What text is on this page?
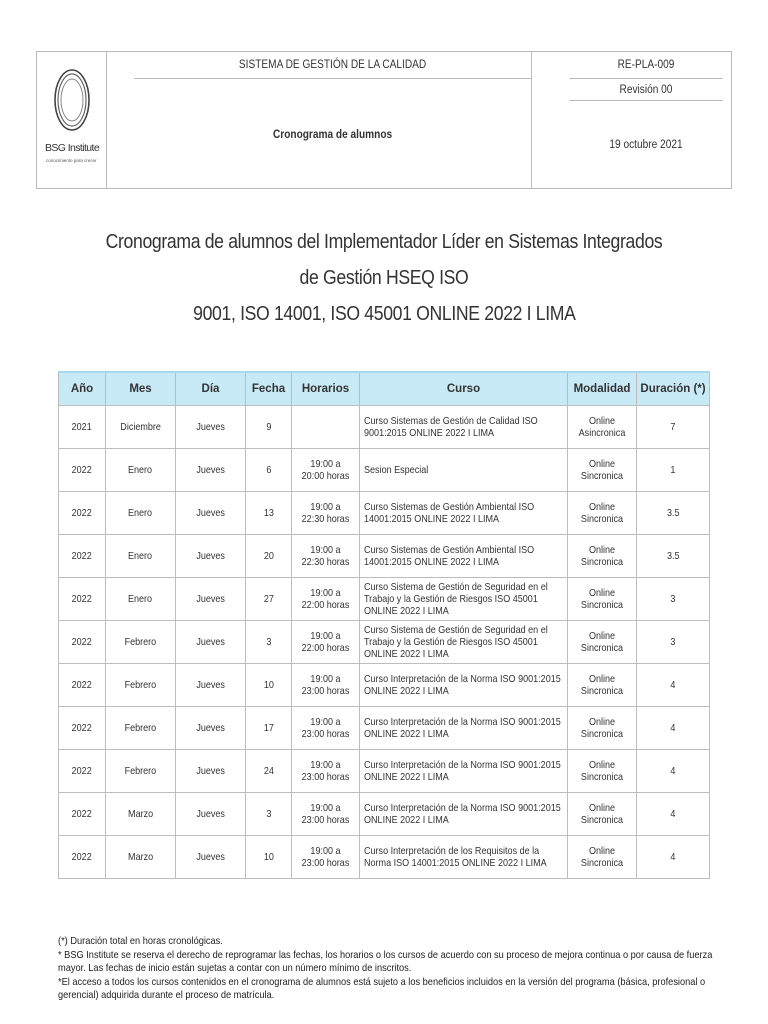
BSG Institute
conocimiento para crecer
SISTEMA DE GESTIÓN DE LA CALIDAD	RE-PLA-009
Cronograma de alumnos
Revisión 00
19 octubre 2021
Cronograma de alumnos del Implementador Líder en Sistemas Integrados de Gestión HSEQ ISO
9001, ISO 14001, ISO 45001 ONLINE 2022 I LIMA
Año	Mes	Día	Fecha	Horarios	Curso	Modalidad	Duración (*)
2021	Diciembre	Jueves	9		Curso Sistemas de Gestión de Calidad ISO 9001:2015 ONLINE 2022 I LIMA	Online Asincronica	7
2022	Enero	Jueves	6	19:00 a 20:00 horas	Sesion Especial	Online Sincronica	1
2022	Enero	Jueves	13	19:00 a 22:30 horas	Curso Sistemas de Gestión Ambiental ISO 14001:2015 ONLINE 2022 I LIMA	Online Sincronica	3.5
2022	Enero	Jueves	20	19:00 a 22:30 horas	Curso Sistemas de Gestión Ambiental ISO 14001:2015 ONLINE 2022 I LIMA	Online Sincronica	3.5
2022	Enero	Jueves	27	19:00 a 22:00 horas	Curso Sistema de Gestión de Seguridad en el Trabajo y la Gestión de Riesgos ISO 45001 ONLINE 2022 I LIMA	Online Sincronica	3
2022	Febrero	Jueves	3	19:00 a 22:00 horas	Curso Sistema de Gestión de Seguridad en el Trabajo y la Gestión de Riesgos ISO 45001 ONLINE 2022 I LIMA	Online Sincronica	3
2022	Febrero	Jueves	10	19:00 a 23:00 horas	Curso Interpretación de la Norma ISO 9001:2015 ONLINE 2022 I LIMA	Online Sincronica	4
2022	Febrero	Jueves	17	19:00 a 23:00 horas	Curso Interpretación de la Norma ISO 9001:2015 ONLINE 2022 I LIMA	Online Sincronica	4
2022	Febrero	Jueves	24	19:00 a 23:00 horas	Curso Interpretación de la Norma ISO 9001:2015 ONLINE 2022 I LIMA	Online Sincronica	4
2022	Marzo	Jueves	3	19:00 a 23:00 horas	Curso Interpretación de la Norma ISO 9001:2015 ONLINE 2022 I LIMA	Online Sincronica	4
2022	Marzo	Jueves	10	19:00 a 23:00 horas	Curso Interpretación de los Requisitos de la Norma ISO 14001:2015 ONLINE 2022 I LIMA	Online Sincronica	4

(*) Duración total en horas cronológicas.

* BSG Institute se reserva el derecho de reprogramar las fechas, los horarios o los cursos de acuerdo con su proceso de mejora continua o por causa de fuerza mayor. Las fechas de inicio están sujetas a contar con un número mínimo de inscritos.

*El acceso a todos los cursos contenidos en el cronograma de alumnos está sujeto a los beneficios incluidos en la versión del programa (básica, profesional o gerencial) adquirida durante el proceso de matrícula.
